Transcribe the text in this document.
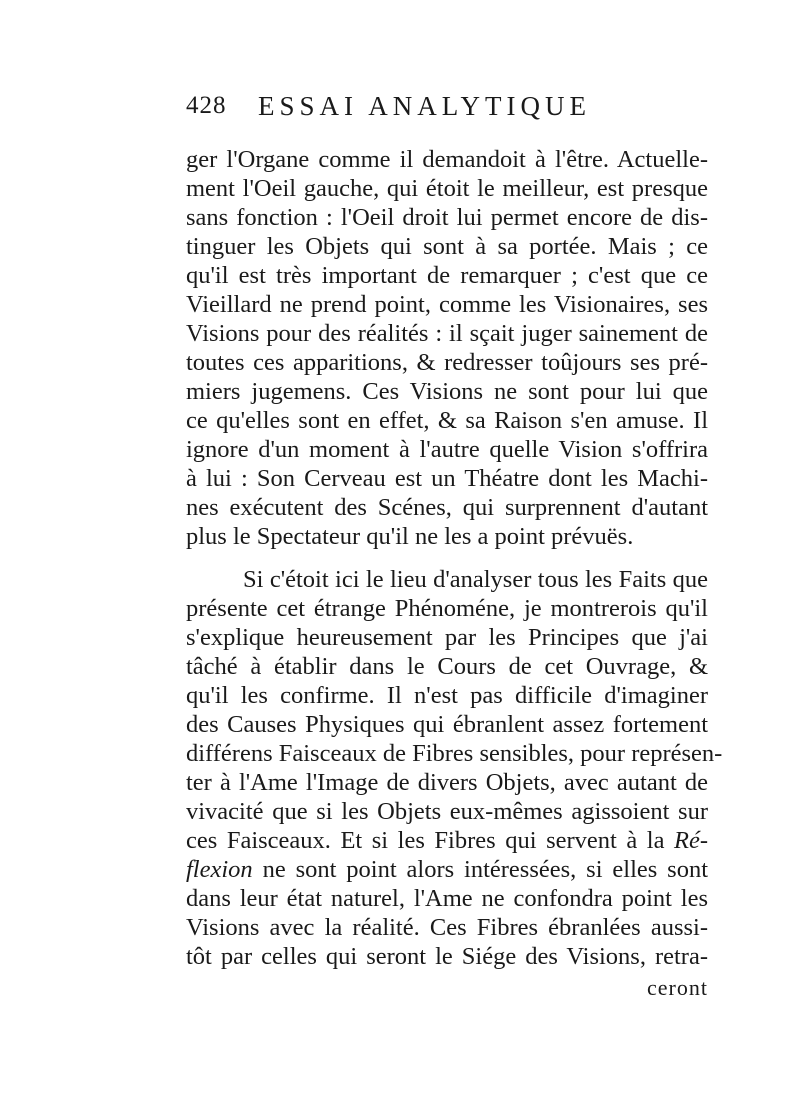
428 ESSAI ANALYTIQUE
ger l'Organe comme il demandoit à l'être. Actuelle-
ment l'Oeil gauche, qui étoit le meilleur, est presque
sans fonction : l'Oeil droit lui permet encore de dis-
tinguer les Objets qui sont à sa portée. Mais ; ce
qu'il est très important de remarquer ; c'est que ce
Vieillard ne prend point, comme les Visionaires, ses
Visions pour des réalités : il sçait juger sainement de
toutes ces apparitions, & redresser toûjours ses pré-
miers jugemens. Ces Visions ne sont pour lui que
ce qu'elles sont en effet, & sa Raison s'en amuse. Il
ignore d'un moment à l'autre quelle Vision s'offrira
à lui : Son Cerveau est un Théatre dont les Machi-
nes exécutent des Scénes, qui surprennent d'autant
plus le Spectateur qu'il ne les a point prévuës.
Si c'étoit ici le lieu d'analyser tous les Faits que
présente cet étrange Phénoméne, je montrerois qu'il
s'explique heureusement par les Principes que j'ai
tâché à établir dans le Cours de cet Ouvrage, &
qu'il les confirme. Il n'est pas difficile d'imaginer
des Causes Physiques qui ébranlent assez fortement
différens Faisceaux de Fibres sensibles, pour représen-
ter à l'Ame l'Image de divers Objets, avec autant de
vivacité que si les Objets eux-mêmes agissoient sur
ces Faisceaux. Et si les Fibres qui servent à la Ré-
flexion ne sont point alors intéressées, si elles sont
dans leur état naturel, l'Ame ne confondra point les
Visions avec la réalité. Ces Fibres ébranlées aussi-
tôt par celles qui seront le Siége des Visions, retra-
ceront
